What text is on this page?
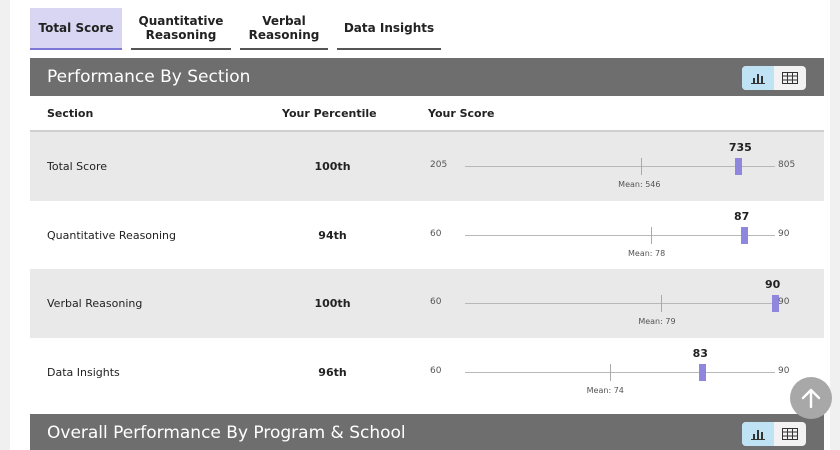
Total Score Quantitative
Reasoning
Verbal
Reasoning Data Insights
Performance By Section
Section	Your Percentile	Your Score
Total Score	100th	205
Mean: 546
735
805
Quantitative Reasoning	94th	60
Mean: 78
87
90
Verbal Reasoning	100th	60
Mean: 79
90
90
Data Insights	96th	60
Mean: 74
83
90
Overall Performance By Program & School
